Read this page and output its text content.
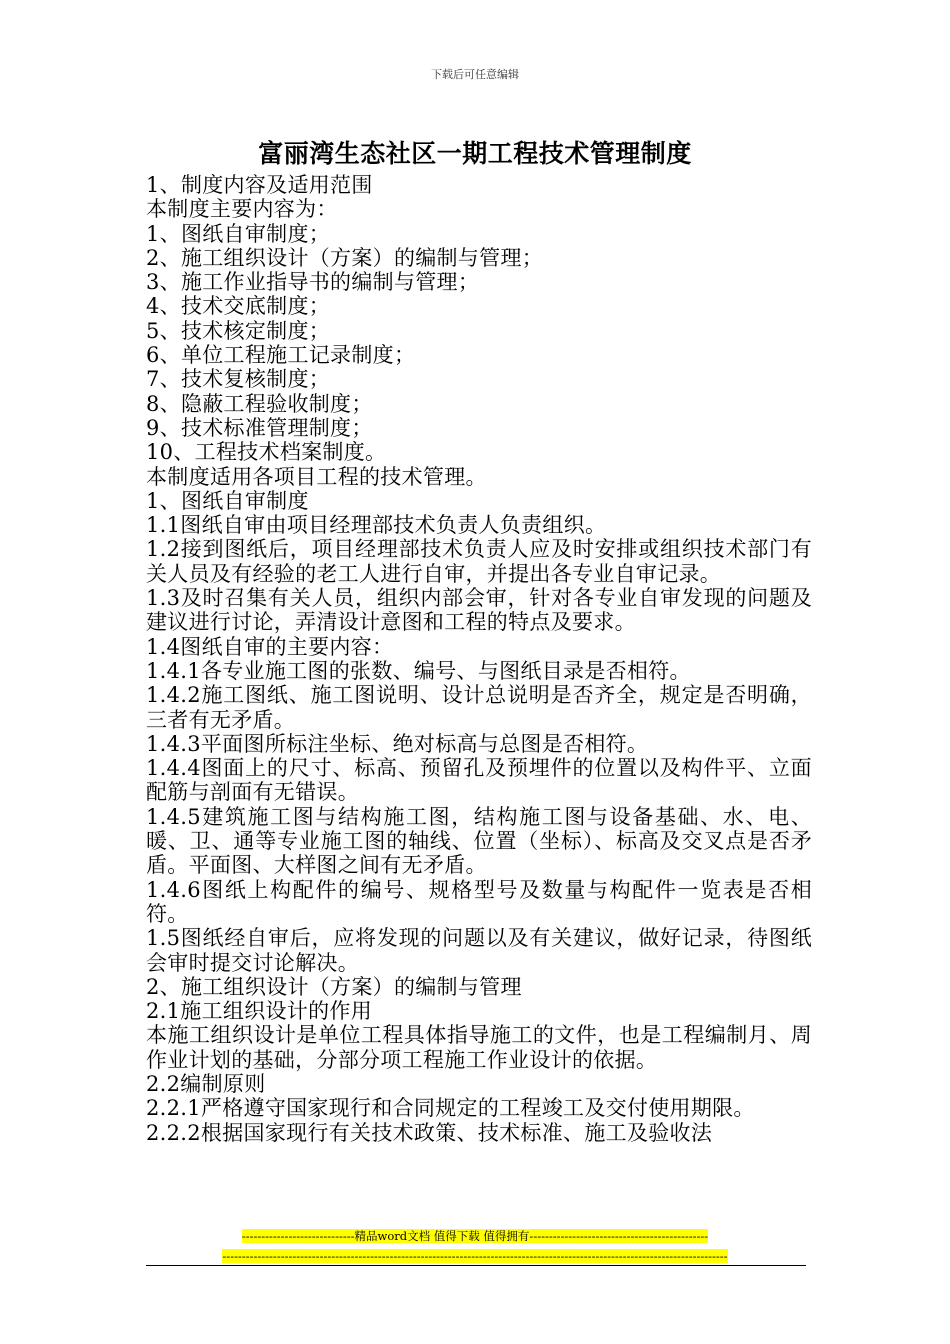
下载后可任意编辑
富丽湾生态社区一期工程技术管理制度

1、制度内容及适用范围

本制度主要内容为：

1、图纸自审制度；

2、施工组织设计（方案）的编制与管理；

3、施工作业指导书的编制与管理；

4、技术交底制度；

5、技术核定制度；

6、单位工程施工记录制度；

7、技术复核制度；

8、隐蔽工程验收制度；

9、技术标准管理制度；

10、工程技术档案制度。

本制度适用各项目工程的技术管理。

1、图纸自审制度

1.1图纸自审由项目经理部技术负责人负责组织。

1.2接到图纸后，项目经理部技术负责人应及时安排或组织技术部门有关人员及有经验的老工人进行自审，并提出各专业自审记录。

1.3及时召集有关人员，组织内部会审，针对各专业自审发现的问题及建议进行讨论，弄清设计意图和工程的特点及要求。

1.4图纸自审的主要内容：

1.4.1各专业施工图的张数、编号、与图纸目录是否相符。

1.4.2施工图纸、施工图说明、设计总说明是否齐全，规定是否明确，三者有无矛盾。

1.4.3平面图所标注坐标、绝对标高与总图是否相符。

1.4.4图面上的尺寸、标高、预留孔及预埋件的位置以及构件平、立面配筋与剖面有无错误。

1.4.5建筑施工图与结构施工图，结构施工图与设备基础、水、电、暖、卫、通等专业施工图的轴线、位置（坐标）、标高及交叉点是否矛盾。平面图、大样图之间有无矛盾。

1.4.6图纸上构配件的编号、规格型号及数量与构配件一览表是否相符。

1.5图纸经自审后，应将发现的问题以及有关建议，做好记录，待图纸会审时提交讨论解决。

2、施工组织设计（方案）的编制与管理

2.1施工组织设计的作用

本施工组织设计是单位工程具体指导施工的文件，也是工程编制月、周作业计划的基础，分部分项工程施工作业设计的依据。

2.2编制原则

2.2.1严格遵守国家现行和合同规定的工程竣工及交付使用期限。

2.2.2根据国家现行有关技术政策、技术标准、施工及验收法

-----------------------------精品word文档 值得下载 值得拥有----------------------------------------------
----------------------------------------------------------------------------------------------------------------------------------
